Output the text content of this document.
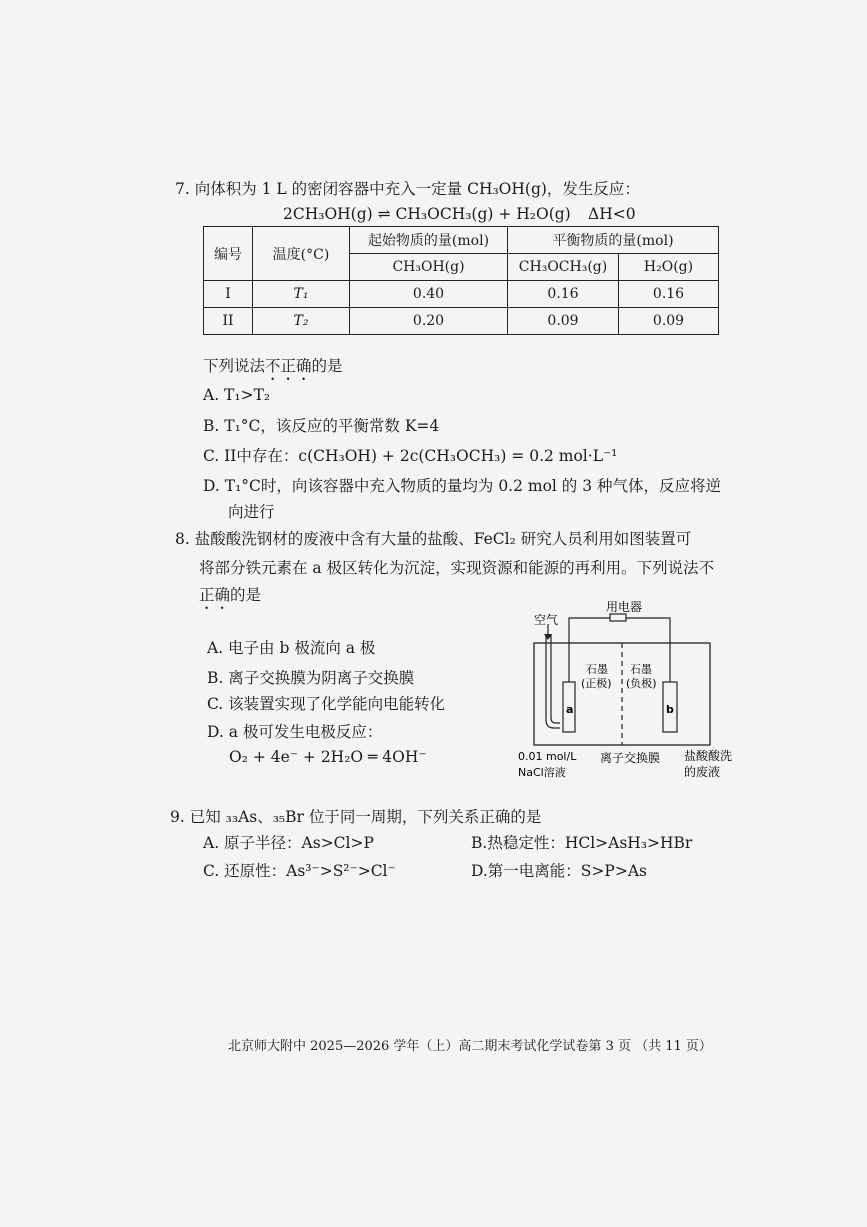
7. 向体积为 1 L 的密闭容器中充入一定量 CH₃OH(g)，发生反应：
2CH₃OH(g) ⇌ CH₃OCH₃(g) + H₂O(g) ΔH<0
编号	温度(°C)	起始物质的量(mol)	平衡物质的量(mol)	
		CH₃OH(g)	CH₃OCH₃(g)	H₂O(g)
I	T₁	0.40	0.16	0.16
II	T₂	0.20	0.09	0.09
下列说法不正确的是
A. T₁>T₂
B. T₁°C，该反应的平衡常数 K=4
C. II中存在：c(CH₃OH) + 2c(CH₃OCH₃) = 0.2 mol·L⁻¹
D. T₁°C时，向该容器中充入物质的量均为 0.2 mol 的 3 种气体，反应将逆
向进行
8. 盐酸酸洗钢材的废液中含有大量的盐酸、FeCl₂ 研究人员利用如图装置可
将部分铁元素在 a 极区转化为沉淀，实现资源和能源的再利用。下列说法不
正确的是
A. 电子由 b 极流向 a 极
B. 离子交换膜为阴离子交换膜
C. 该装置实现了化学能向电能转化
D. a 极可发生电极反应：
O₂ + 4e⁻ + 2H₂O ═ 4OH⁻
用电器
空气
石墨
(正极)
石墨
(负极)
a	b
0.01 mol/L
NaCl溶液
离子交换膜 盐酸酸洗
的废液
9. 已知 ₃₃As、₃₅Br 位于同一周期，下列关系正确的是
A. 原子半径：As>Cl>P	B.热稳定性：HCl>AsH₃>HBr
C. 还原性：As³⁻>S²⁻>Cl⁻	D.第一电离能：S>P>As
北京师大附中 2025—2026 学年（上）高二期末考试化学试卷第 3 页 （共 11 页）
